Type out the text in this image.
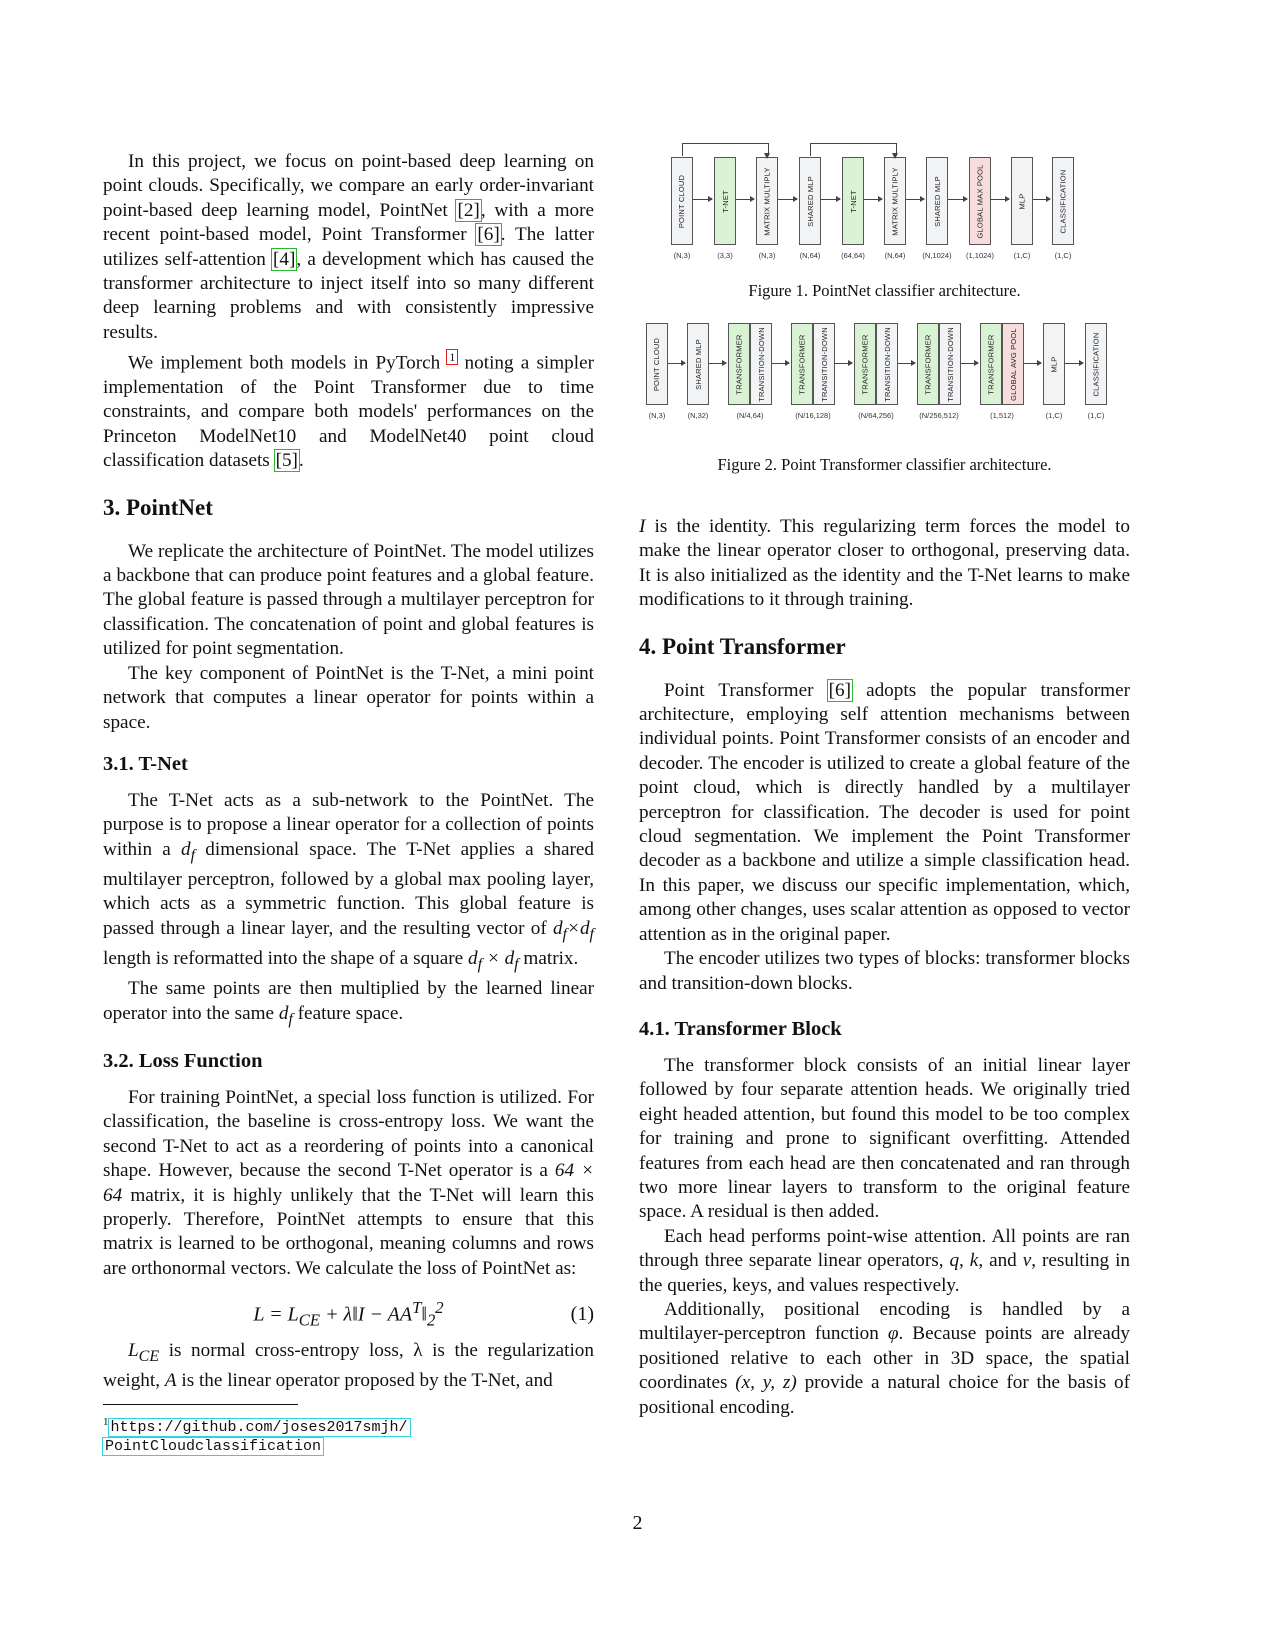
In this project, we focus on point-based deep learning on point clouds. Specifically, we compare an early order-invariant point-based deep learning model, PointNet [2], with a more recent point-based model, Point Transformer [6]. The latter utilizes self-attention [4], a development which has caused the transformer architecture to inject itself into so many different deep learning problems and with consistently impressive results.

We implement both models in PyTorch $^1$ noting a simpler implementation of the Point Transformer due to time constraints, and compare both models' performances on the Princeton ModelNet10 and ModelNet40 point cloud classification datasets [5].

3. PointNet

We replicate the architecture of PointNet. The model utilizes a backbone that can produce point features and a global feature. The global feature is passed through a multilayer perceptron for classification. The concatenation of point and global features is utilized for point segmentation.

The key component of PointNet is the T-Net, a mini point network that computes a linear operator for points within a space.

3.1. T-Net

The T-Net acts as a sub-network to the PointNet. The purpose is to propose a linear operator for a collection of points within a $d_f$ dimensional space. The T-Net applies a shared multilayer perceptron, followed by a global max pooling layer, which acts as a symmetric function. This global feature is passed through a linear layer, and the resulting vector of $d_f\times d_f$ length is reformatted into the shape of a square $d_f \times d_f$ matrix.

The same points are then multiplied by the learned linear operator into the same $d_f$ feature space.

3.2. Loss Function

For training PointNet, a special loss function is utilized. For classification, the baseline is cross-entropy loss. We want the second T-Net to act as a reordering of points into a canonical shape. However, because the second T-Net operator is a 64 × 64 matrix, it is highly unlikely that the T-Net will learn this properly. Therefore, PointNet attempts to ensure that this matrix is learned to be orthogonal, meaning columns and rows are orthonormal vectors. We calculate the loss of PointNet as:

$L = L_{CE}$ + λ‖I − $AA^T‖_2^2$	(1)

$L_{CE}$ is normal cross-entropy loss, λ is the regularization weight, A is the linear operator proposed by the T-Net, and

$^1$ https://github.com/joses2017smjh/
PointCloudclassification
POINT CLOUD	T-NET	MATRIX MULTIPLY	SHARED MLP	T-NET	MATRIX MULTIPLY	SHARED MLP	GLOBAL MAX POOL	MLP	CLASSIFICATION
(N,3)	(3,3)	(N,3)	(N,64)	(64,64)	(N,64) (N,1024) (1,1024)	(1,C)	(1,C)

Figure 1. PointNet classifier architecture.

POINT CLOUD	SHARED MLP	TRANSFORMER TRANSITION-DOWN	TRANSFORMER TRANSITION-DOWN	TRANSFORMER TRANSITION-DOWN	TRANSFORMER TRANSITION-DOWN	TRANSFORMER GLOBAL AVG POOL	MLP	CLASSIFICATION
(N,3)	(N,32)	(N/4,64)	(N/16,128)	(N/64,256)	(N/256,512)	(1,512)	(1,C)	(1,C)

Figure 2. Point Transformer classifier architecture.

I is the identity. This regularizing term forces the model to make the linear operator closer to orthogonal, preserving data. It is also initialized as the identity and the T-Net learns to make modifications to it through training.

4. Point Transformer

Point Transformer [6] adopts the popular transformer architecture, employing self attention mechanisms between individual points. Point Transformer consists of an encoder and decoder. The encoder is utilized to create a global feature of the point cloud, which is directly handled by a multilayer perceptron for classification. The decoder is used for point cloud segmentation. We implement the Point Transformer decoder as a backbone and utilize a simple classification head. In this paper, we discuss our specific implementation, which, among other changes, uses scalar attention as opposed to vector attention as in the original paper.

The encoder utilizes two types of blocks: transformer blocks and transition-down blocks.

4.1. Transformer Block

The transformer block consists of an initial linear layer followed by four separate attention heads. We originally tried eight headed attention, but found this model to be too complex for training and prone to significant overfitting. Attended features from each head are then concatenated and ran through two more linear layers to transform to the original feature space. A residual is then added.

Each head performs point-wise attention. All points are ran through three separate linear operators, q, k, and v, resulting in the queries, keys, and values respectively.

Additionally, positional encoding is handled by a multilayer-perceptron function φ. Because points are already positioned relative to each other in 3D space, the spatial coordinates (x, y, z) provide a natural choice for the basis of positional encoding.

2
